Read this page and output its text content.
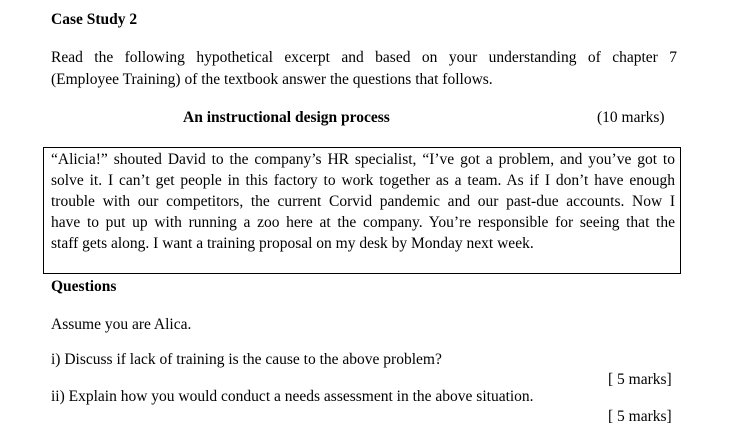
Case Study 2
Read the following hypothetical excerpt and based on your understanding of chapter 7
(Employee Training) of the textbook answer the questions that follows.
An instructional design process	(10 marks)
“Alicia!” shouted David to the company’s HR specialist, “I’ve got a problem, and you’ve got to
solve it. I can’t get people in this factory to work together as a team. As if I don’t have enough
trouble with our competitors, the current Corvid pandemic and our past-due accounts. Now I
have to put up with running a zoo here at the company. You’re responsible for seeing that the
staff gets along. I want a training proposal on my desk by Monday next week.
Questions
Assume you are Alica.
i) Discuss if lack of training is the cause to the above problem?
[ 5 marks]
ii) Explain how you would conduct a needs assessment in the above situation.
[ 5 marks]
